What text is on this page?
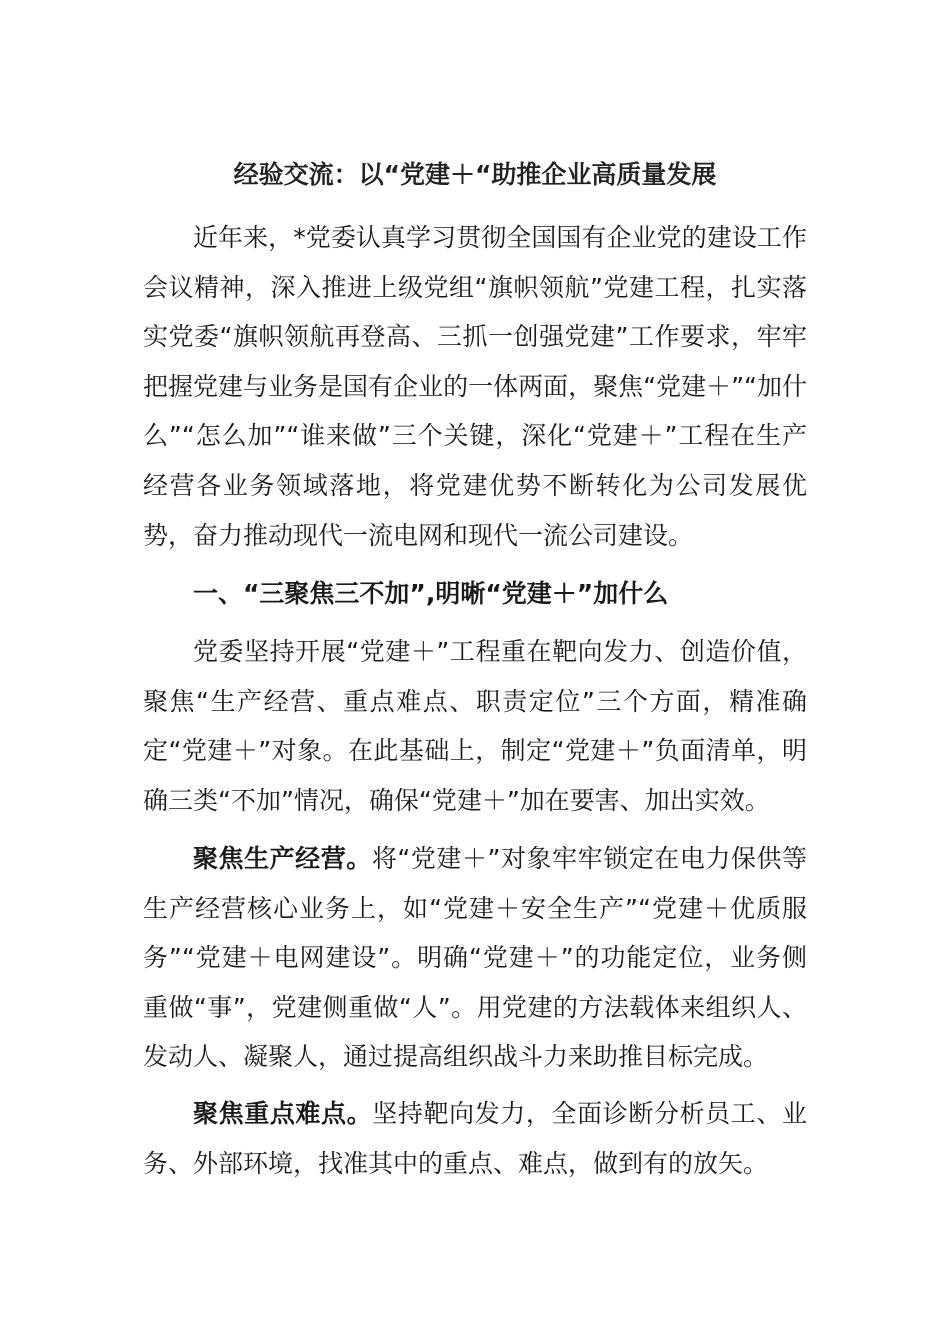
经验交流：以“党建＋“助推企业高质量发展

近年来，*党委认真学习贯彻全国国有企业党的建设工作会议精神，深入推进上级党组“旗帜领航”党建工程，扎实落实党委“旗帜领航再登高、三抓一创强党建”工作要求，牢牢把握党建与业务是国有企业的一体两面，聚焦“党建＋”“加什么”“怎么加”“谁来做”三个关键，深化“党建＋”工程在生产经营各业务领域落地，将党建优势不断转化为公司发展优势，奋力推动现代一流电网和现代一流公司建设。

一、“三聚焦三不加”,明晰“党建＋”加什么

党委坚持开展“党建＋”工程重在靶向发力、创造价值，聚焦“生产经营、重点难点、职责定位”三个方面，精准确定“党建＋”对象。在此基础上，制定“党建＋”负面清单，明确三类“不加”情况，确保“党建＋”加在要害、加出实效。

聚焦生产经营。将“党建＋”对象牢牢锁定在电力保供等生产经营核心业务上，如“党建＋安全生产”“党建＋优质服务”“党建＋电网建设”。明确“党建＋”的功能定位，业务侧重做“事”，党建侧重做“人”。用党建的方法载体来组织人、发动人、凝聚人，通过提高组织战斗力来助推目标完成。

聚焦重点难点。坚持靶向发力，全面诊断分析员工、业务、外部环境，找准其中的重点、难点，做到有的放矢。
